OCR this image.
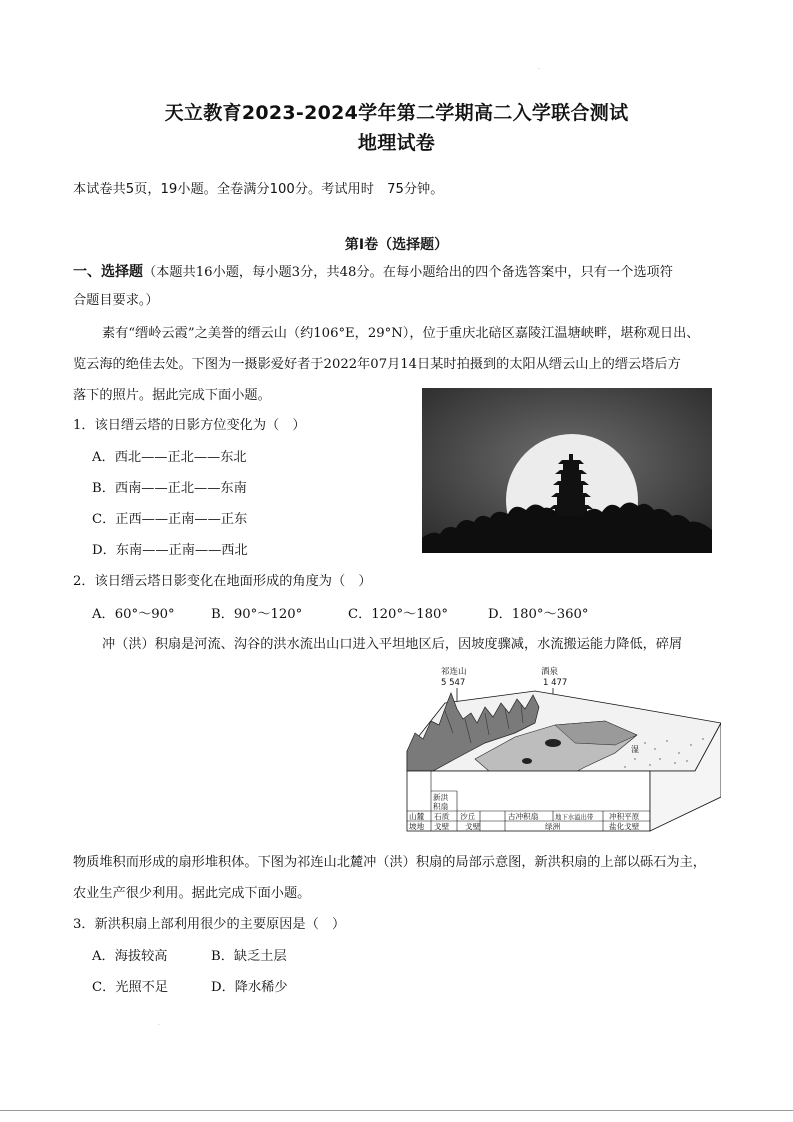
·
天立教育2023-2024学年第二学期高二入学联合测试
地理试卷
本试卷共5页，19小题。全卷满分100分。考试用时　75分钟。
第Ⅰ卷（选择题）
一、选择题（本题共16小题，每小题3分，共48分。在每小题给出的四个备选答案中，只有一个选项符
合题目要求。）
素有“缙岭云霞”之美誉的缙云山（约106°E，29°N），位于重庆北碚区嘉陵江温塘峡畔，堪称观日出、
览云海的绝佳去处。下图为一摄影爱好者于2022年07月14日某时拍摄到的太阳从缙云山上的缙云塔后方
落下的照片。据此完成下面小题。
1．该日缙云塔的日影方位变化为（　）
A．西北——正北——东北
B．西南——正北——东南
C．正西——正南——正东
D．东南——正南——西北
2．该日缙云塔日影变化在地面形成的角度为（　）
A．60°～90°	B．90°～120°	C．120°～180°	D．180°～360°
冲（洪）积扇是河流、沟谷的洪水流出山口进入平坦地区后，因坡度骤减，水流搬运能力降低，碎屑
祁连山
5 547
酒泉
1 477
湿
新洪
积扇
山麓
坡地
石质
戈壁
沙丘
戈壁
古冲积扇	地下水溢出带
绿洲
冲积平原
盐化戈壁
物质堆积而形成的扇形堆积体。下图为祁连山北麓冲（洪）积扇的局部示意图，新洪积扇的上部以砾石为主，
农业生产很少利用。据此完成下面小题。
3．新洪积扇上部利用很少的主要原因是（　）
A．海拔较高	B．缺乏土层
C．光照不足	D．降水稀少
·
